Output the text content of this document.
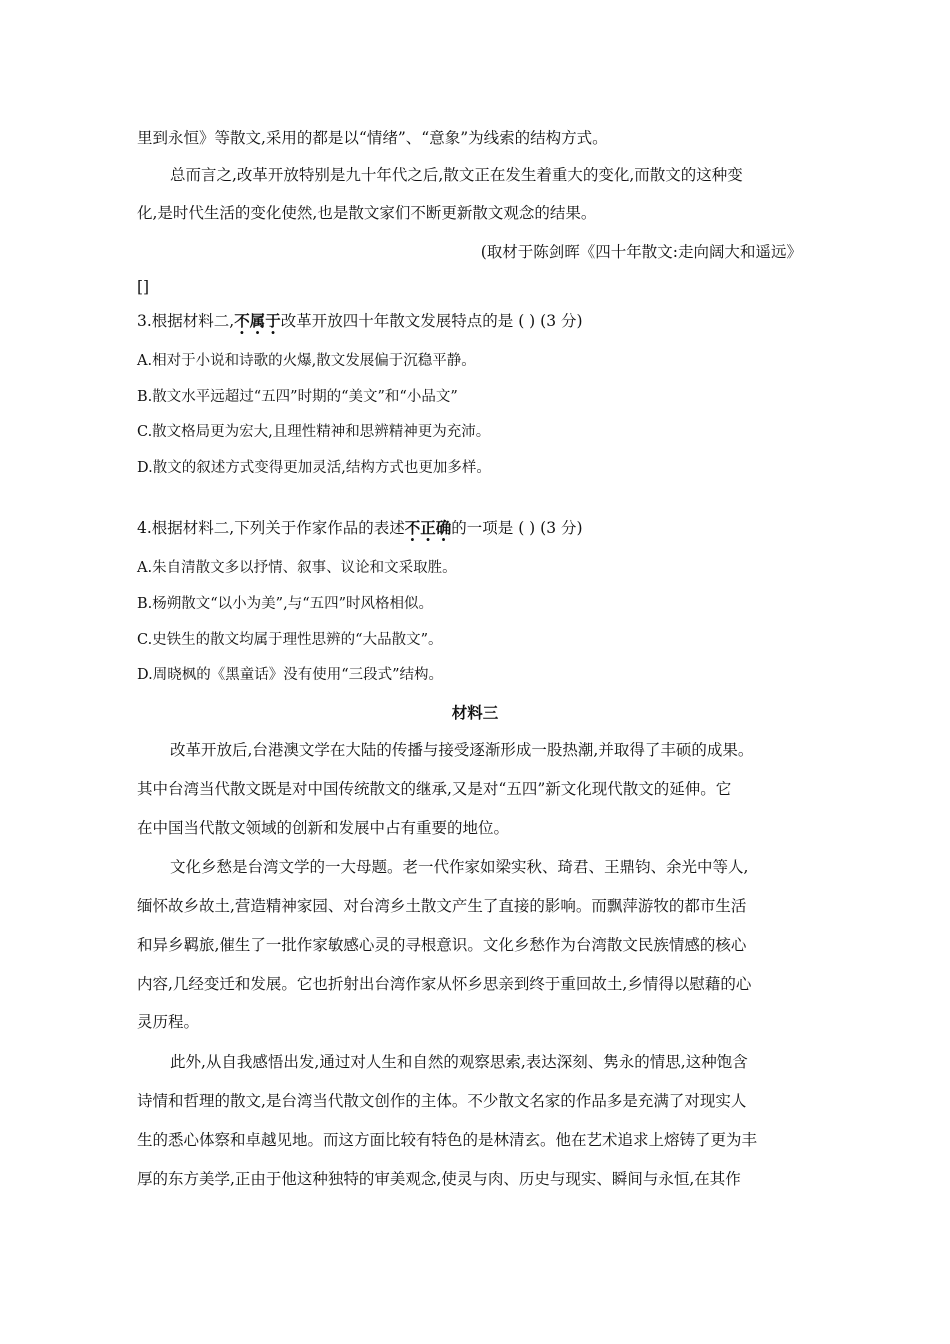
里到永恒》等散文,采用的都是以“情绪”、“意象”为线索的结构方式。
总而言之,改革开放特别是九十年代之后,散文正在发生着重大的变化,而散文的这种变
化,是时代生活的变化使然,也是散文家们不断更新散文观念的结果。
(取材于陈剑晖《四十年散文:走向阔大和遥远》
[]
3.根据材料二,不属于改革开放四十年散文发展特点的是 ( ) (3 分)
A.相对于小说和诗歌的火爆,散文发展偏于沉稳平静。
B.散文水平远超过“五四”时期的“美文”和“小品文”
C.散文格局更为宏大,且理性精神和思辨精神更为充沛。
D.散文的叙述方式变得更加灵活,结构方式也更加多样。
4.根据材料二,下列关于作家作品的表述不正确的一项是 ( ) (3 分)
A.朱自清散文多以抒情、叙事、议论和文采取胜。
B.杨朔散文“以小为美”,与“五四”时风格相似。
C.史铁生的散文均属于理性思辨的“大品散文”。
D.周晓枫的《黑童话》没有使用“三段式”结构。
材料三
改革开放后,台港澳文学在大陆的传播与接受逐渐形成一股热潮,并取得了丰硕的成果。
其中台湾当代散文既是对中国传统散文的继承,又是对“五四”新文化现代散文的延伸。它
在中国当代散文领域的创新和发展中占有重要的地位。
文化乡愁是台湾文学的一大母题。老一代作家如梁实秋、琦君、王鼎钧、余光中等人,
缅怀故乡故土,营造精神家园、对台湾乡土散文产生了直接的影响。而飘萍游牧的都市生活
和异乡羁旅,催生了一批作家敏感心灵的寻根意识。文化乡愁作为台湾散文民族情感的核心
内容,几经变迁和发展。它也折射出台湾作家从怀乡思亲到终于重回故土,乡情得以慰藉的心
灵历程。
此外,从自我感悟出发,通过对人生和自然的观察思索,表达深刻、隽永的情思,这种饱含
诗情和哲理的散文,是台湾当代散文创作的主体。不少散文名家的作品多是充满了对现实人
生的悉心体察和卓越见地。而这方面比较有特色的是林清玄。他在艺术追求上熔铸了更为丰
厚的东方美学,正由于他这种独特的审美观念,使灵与肉、历史与现实、瞬间与永恒,在其作
